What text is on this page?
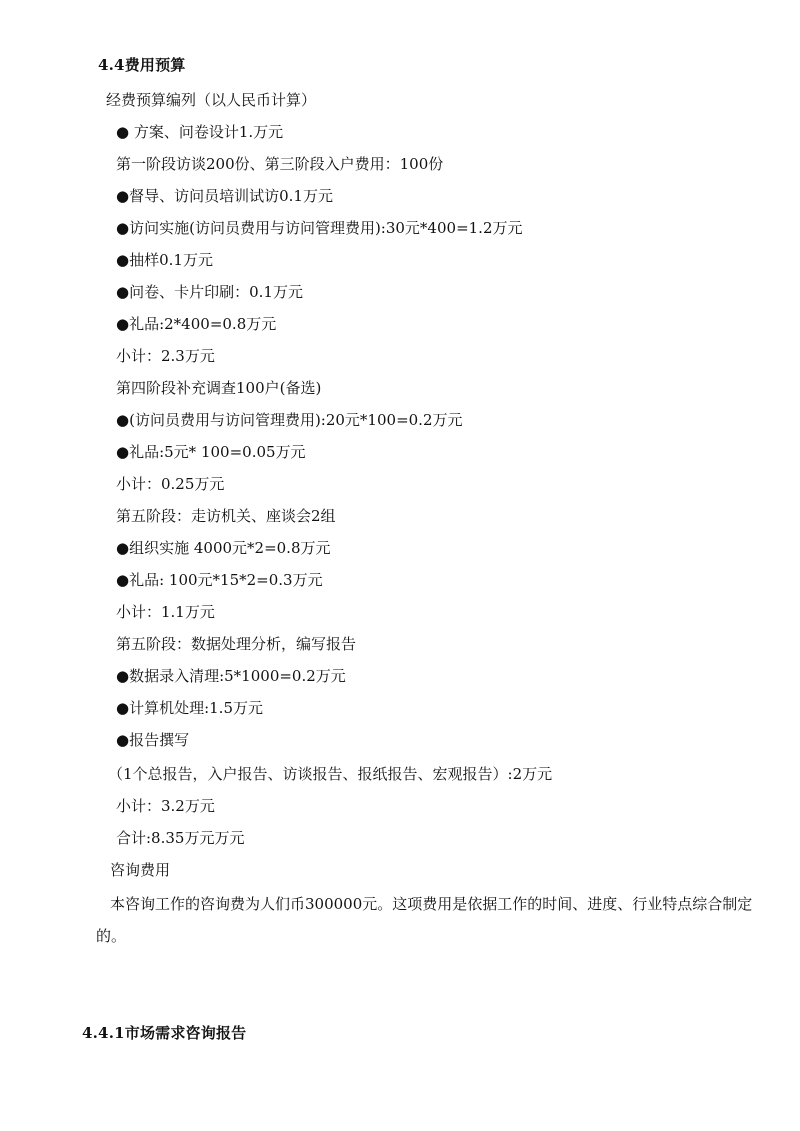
4.4费用预算
经费预算编列（以人民币计算）
● 方案、问卷设计1.万元
第一阶段访谈200份、第三阶段入户费用：100份
●督导、访问员培训试访0.1万元
●访问实施(访问员费用与访问管理费用):30元*400=1.2万元
●抽样0.1万元
●问卷、卡片印刷：0.1万元
●礼品:2*400=0.8万元
小计：2.3万元
第四阶段补充调查100户(备选)
●(访问员费用与访问管理费用):20元*100=0.2万元
●礼品:5元* 100=0.05万元
小计：0.25万元
第五阶段：走访机关、座谈会2组
●组织实施 4000元*2=0.8万元
●礼品: 100元*15*2=0.3万元
小计：1.1万元
第五阶段：数据处理分析，编写报告
●数据录入清理:5*1000=0.2万元
●计算机处理:1.5万元
●报告撰写
（1个总报告，入户报告、访谈报告、报纸报告、宏观报告）:2万元
小计：3.2万元
合计:8.35万元万元
咨询费用
本咨询工作的咨询费为人们币300000元。这项费用是依据工作的时间、进度、行业特点综合制定的。
4.4.1市场需求咨询报告
